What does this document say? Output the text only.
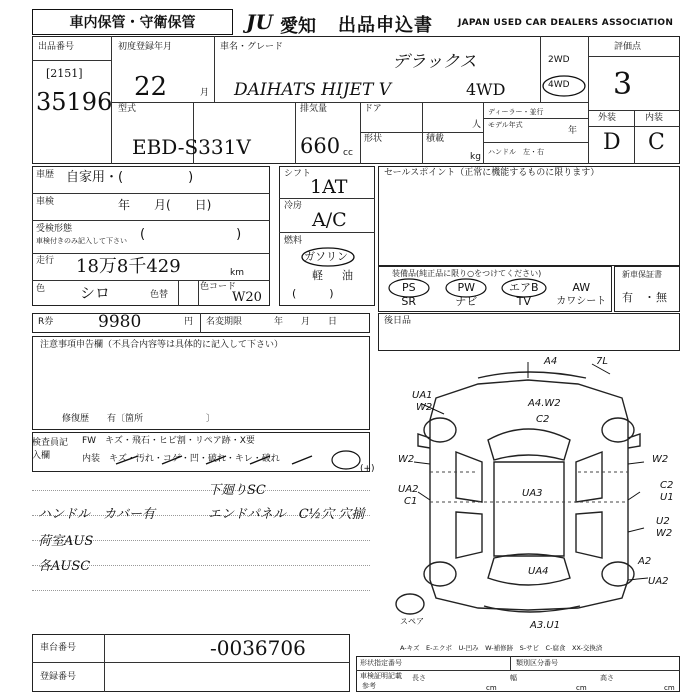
車内保管・守衛保管	JU 愛知 出品申込書	JAPAN USED CAR DEALERS ASSOCIATION
出品番号
[2151]
35196
初度登録年月
22	月
車名・グレード
デラックス
DAIHATS HIJET V	4WD
2WD
4WD
評価点
3
外装	内装
D C
型式
EBD-S331V
排気量
660 cc
ドア
形状	積載
kg
人
ディーラー・並行
モデル年式
年
ハンドル　左・右
車歴 自家用・(　　　　　)
車検	年　　月(　　日)
受検形態
車検付きのみ記入して下さい (　　　　　　　)
走行 18万8千429	km
色 シロ	色替
色コード
W20
シフト
1AT
冷房
A/C
燃料
ガソリン
軽 油
(　　　)
セールスポイント（正常に機能するものに限ります）
装備品(純正品に限り○をつけてください)
PS	PW	エアB	AW
SR	ナビ	TV	カワシート
新車保証書
有 ・ 無
R券	9980	円 名変期限	年　　月　　日	後日品
注意事項申告欄（不具合内容等は具体的に記入して下さい）
修復歴　　有〔箇所　　　　　　　〕
検査員記入欄
FW　キズ・飛石・ヒビ割・リペア跡・X要
内装　キズ・汚れ・コゲ・凹・破れ・キレ・破れ
(+)
下廻りSC
ハンドル　カバー有	エンドパネル　C½穴 穴揃
荷室AUS
各AUSC
A4	7L
UA1
W2	A4.W2
C2
W2	W2
UA2
C1
UA3
C2
U1
U2
W2
UA4
A2
UA2
A3.U1
スペア
A-キズ　E-エクボ　U-凹み　W-補修跡　S-サビ　C-腐食　XX-交換済
車台番号	-0036706
登録番号
形状指定番号	類別区分番号
車検証明記載
参考
長さ
cm
幅
cm
高さ
cm
